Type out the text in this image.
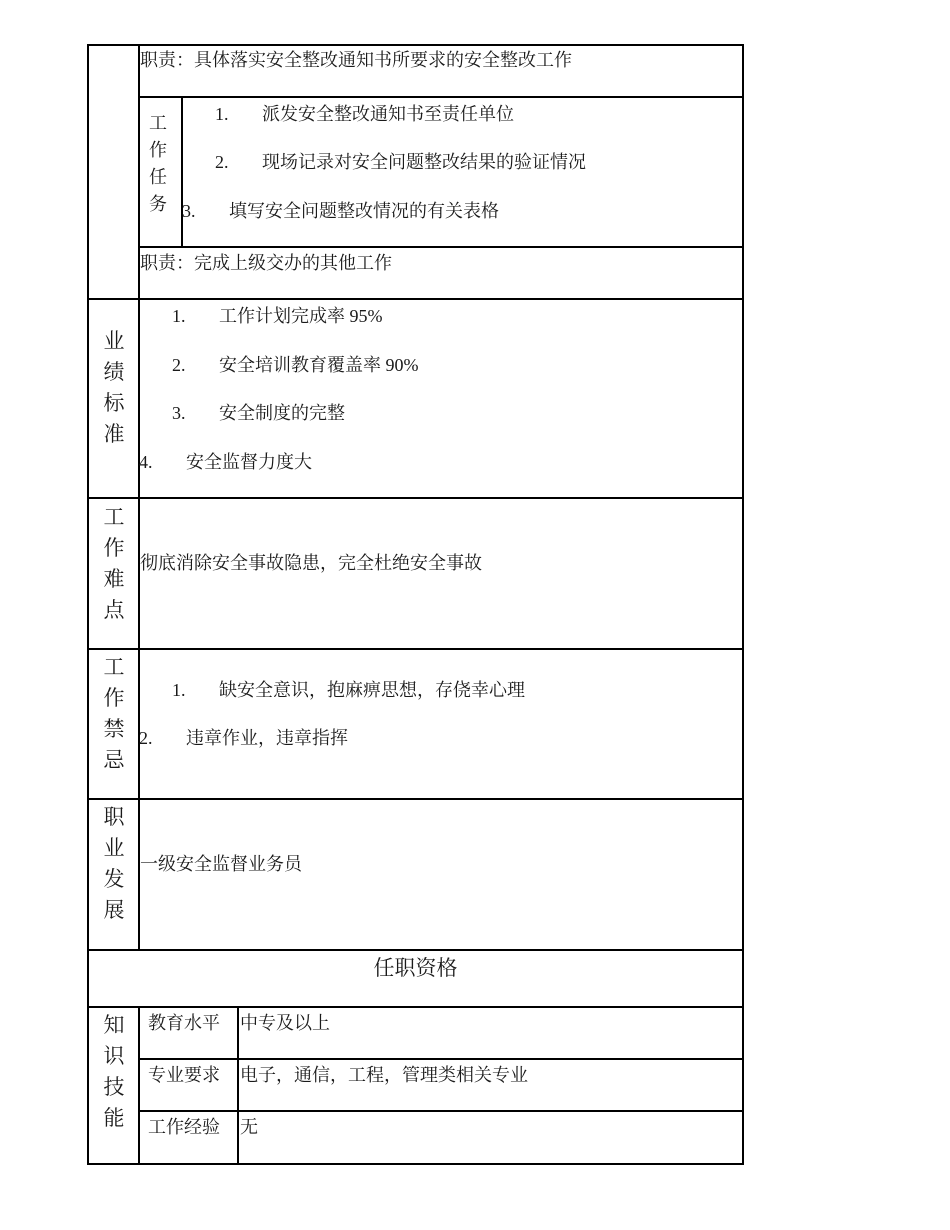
职责：具体落实安全整改通知书所要求的安全整改工作
工作任务
1. 派发安全整改通知书至责任单位
2. 现场记录对安全问题整改结果的验证情况
3. 填写安全问题整改情况的有关表格
职责：完成上级交办的其他工作
业绩标准
1. 工作计划完成率 95%
2. 安全培训教育覆盖率 90%
3. 安全制度的完整
4. 安全监督力度大
工作难点
彻底消除安全事故隐患，完全杜绝安全事故
工作禁忌
1. 缺安全意识，抱麻痹思想，存侥幸心理
2. 违章作业，违章指挥
职业发展
一级安全监督业务员
任职资格
知识技能
教育水平 中专及以上
专业要求 电子，通信，工程，管理类相关专业
工作经验 无
